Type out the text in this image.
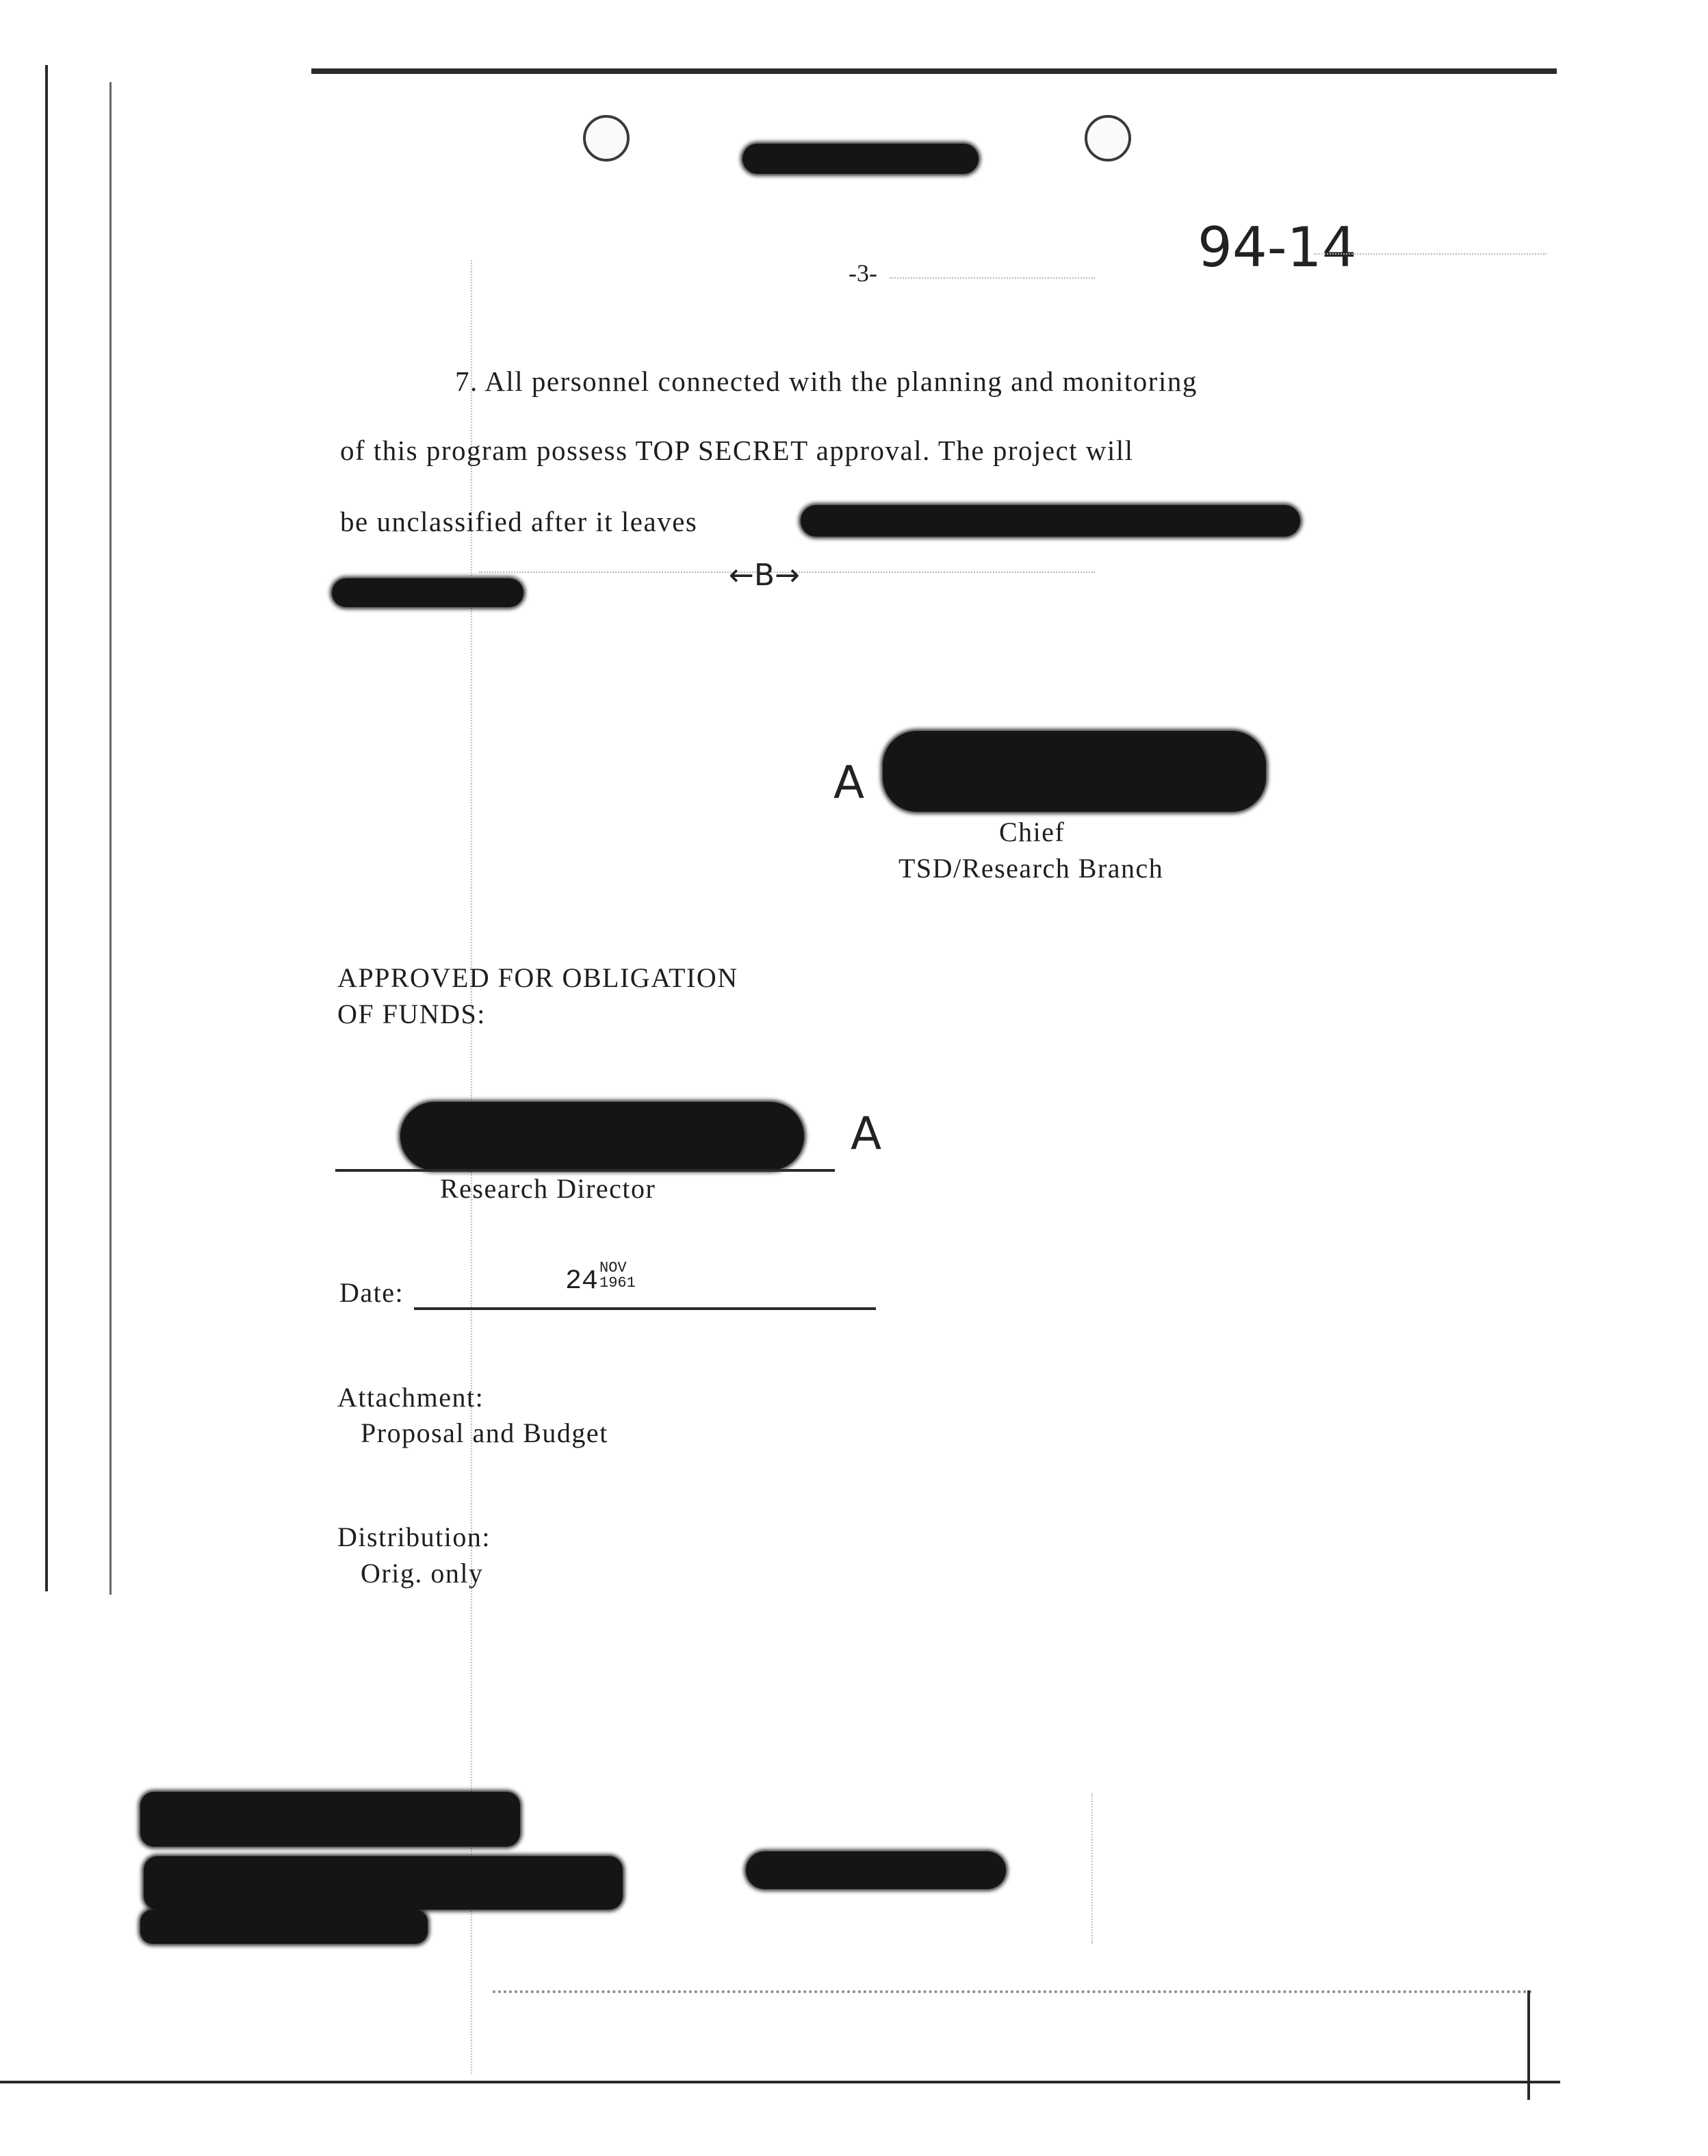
-3-	94-14
7. All personnel connected with the planning and monitoring
of this program possess TOP SECRET approval. The project will
be unclassified after it leaves
←B→
A
Chief
TSD/Research Branch
APPROVED FOR OBLIGATION
OF FUNDS:
A
Research Director
Date:	24 NOV
1961
Attachment:
Proposal and Budget
Distribution:
Orig. only
